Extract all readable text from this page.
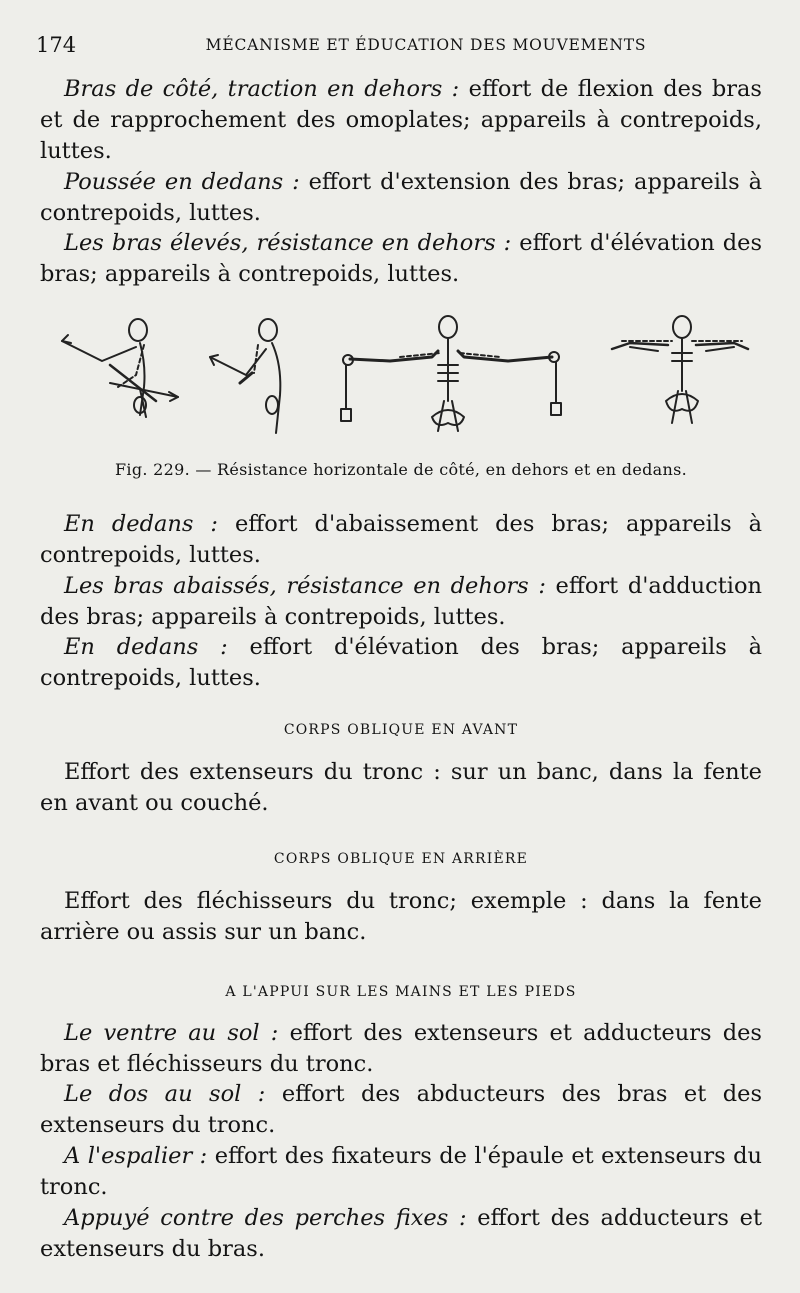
174	MÉCANISME ET ÉDUCATION DES MOUVEMENTS
Bras de côté, traction en dehors : effort de flexion des bras et de rapprochement des omoplates; appareils à contrepoids, luttes.
Poussée en dedans : effort d'extension des bras; appareils à contrepoids, luttes.
Les bras élevés, résistance en dehors : effort d'élévation des bras; appareils à contrepoids, luttes.
Fig. 229. — Résistance horizontale de côté, en dehors et en dedans.
En dedans : effort d'abaissement des bras; appareils à contrepoids, luttes.
Les bras abaissés, résistance en dehors : effort d'adduction des bras; appareils à contrepoids, luttes.
En dedans : effort d'élévation des bras; appareils à contrepoids, luttes.
CORPS OBLIQUE EN AVANT
Effort des extenseurs du tronc : sur un banc, dans la fente en avant ou couché.
CORPS OBLIQUE EN ARRIÈRE
Effort des fléchisseurs du tronc; exemple : dans la fente arrière ou assis sur un banc.
A L'APPUI SUR LES MAINS ET LES PIEDS
Le ventre au sol : effort des extenseurs et adducteurs des bras et fléchisseurs du tronc.
Le dos au sol : effort des abducteurs des bras et des extenseurs du tronc.
A l'espalier : effort des fixateurs de l'épaule et extenseurs du tronc.
Appuyé contre des perches fixes : effort des adducteurs et extenseurs du bras.
